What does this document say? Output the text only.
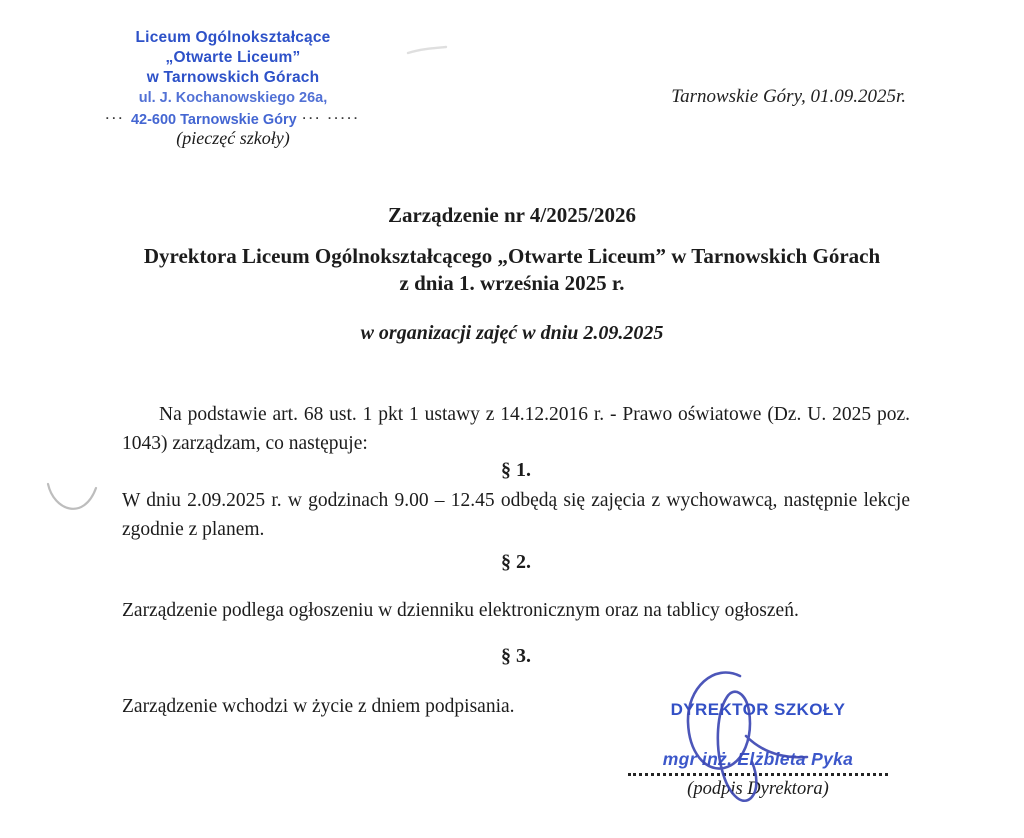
Liceum Ogólnokształcące
„Otwarte Liceum”
w Tarnowskich Górach
ul. J. Kochanowskiego 26a,
··· 42-600 Tarnowskie Góry ··· ·····
(pieczęć szkoły)
Tarnowskie Góry, 01.09.2025r.
Zarządzenie nr 4/2025/2026
Dyrektora Liceum Ogólnokształcącego „Otwarte Liceum” w Tarnowskich Górach
z dnia 1. września 2025 r.
w organizacji zajęć w dniu 2.09.2025
Na podstawie art. 68 ust. 1 pkt 1 ustawy z 14.12.2016 r. - Prawo oświatowe (Dz. U. 2025 poz. 1043) zarządzam, co następuje:
§ 1.
W dniu 2.09.2025 r. w godzinach 9.00 – 12.45 odbędą się zajęcia z wychowawcą, następnie lekcje zgodnie z planem.
§ 2.
Zarządzenie podlega ogłoszeniu w dzienniku elektronicznym oraz na tablicy ogłoszeń.
§ 3.
Zarządzenie wchodzi w życie z dniem podpisania.	DYREKTOR SZKOŁY
mgr inż. Elżbieta Pyka
(podpis Dyrektora)
